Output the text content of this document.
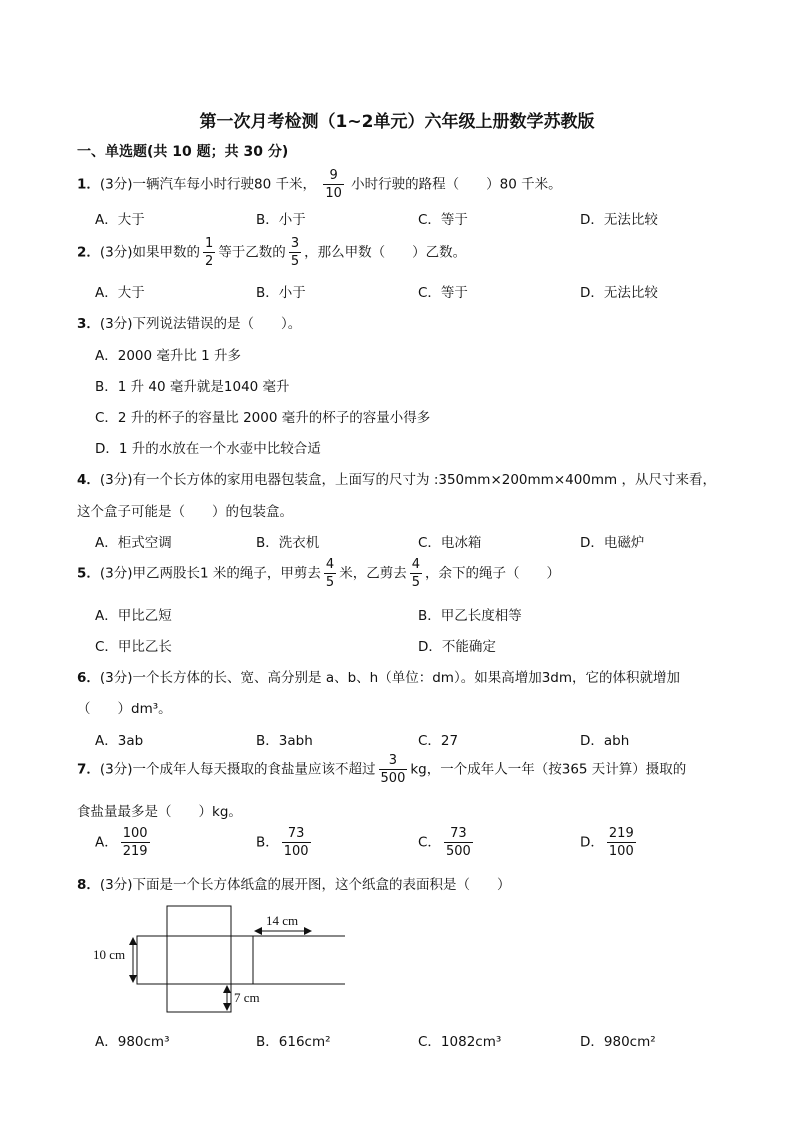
第一次月考检测（1~2单元）六年级上册数学苏教版
一、单选题(共 10 题；共 30 分)
1．(3分)一辆汽车每小时行驶80 千米， $\frac{9}{10}$ 小时行驶的路程（　　）80 千米。
A．大于	B．小于	C．等于	D．无法比较
2．(3分)如果甲数的 $\frac{1}{2}$ 等于乙数的 $\frac{3}{5}$ ，那么甲数（　　）乙数。
A．大于	B．小于	C．等于	D．无法比较
3．(3分)下列说法错误的是（　　）。
A．2000 毫升比 1 升多
B．1 升 40 毫升就是1040 毫升
C．2 升的杯子的容量比 2000 毫升的杯子的容量小得多
D．1 升的水放在一个水壶中比较合适
4．(3分)有一个长方体的家用电器包装盒，上面写的尺寸为 :350mm×200mm×400mm ，从尺寸来看，
这个盒子可能是（　　）的包装盒。
A．柜式空调	B．洗衣机	C．电冰箱	D．电磁炉
5．(3分)甲乙两股长1 米的绳子，甲剪去 $\frac{4}{5}$ 米，乙剪去 $\frac{4}{5}$ ，余下的绳子（　　）
A．甲比乙短	B．甲乙长度相等
C．甲比乙长	D．不能确定
6．(3分)一个长方体的长、宽、高分别是 a、b、h（单位：dm）。如果高增加3dm，它的体积就增加
（　　）dm³。
A．3ab	B．3abh	C．27	D．abh
7．(3分)一个成年人每天摄取的食盐量应该不超过 $\frac{3}{500}$ kg，一个成年人一年（按365 天计算）摄取的
食盐量最多是（　　）kg。
A． $\frac{100}{219}$	B． $\frac{73}{100}$	C． $\frac{73}{500}$	D． $\frac{219}{100}$
8．(3分)下面是一个长方体纸盒的展开图，这个纸盒的表面积是（　　）
14 cm
10 cm
7 cm
A．980cm³	B．616cm²	C．1082cm³	D．980cm²
